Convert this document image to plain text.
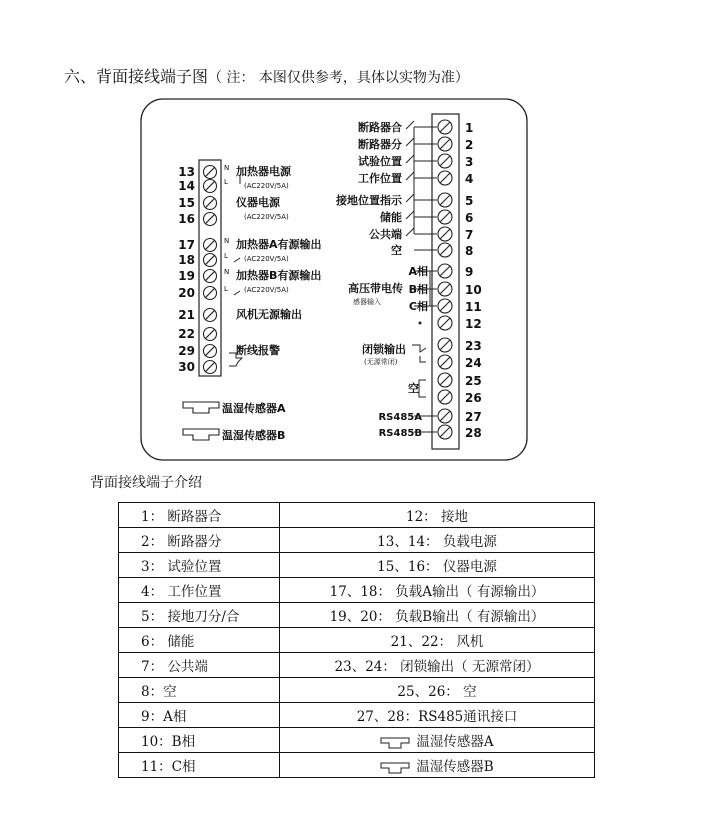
六、背面接线端子图（ 注： 本图仅供参考，具体以实物为准）
13	N 加热器电源
(AC220V/5A)
14	L
15	仪器电源
(AC220V/5A)
16
17	N 加热器A有源输出
(AC220V/5A)
18	L
19	N 加热器B有源输出
(AC220V/5A)
20	L
21	风机无源输出
22
29	断线报警
30
1
断路器合
2
断路器分
3
试验位置
4
工作位置
5
接地位置指示
6
储能
7
公共端
8
空
9
A相
10
B相
11
C相
12
23
24
25
26
27
RS485A
28
RS485B
高压带电传
感器输入
闭锁输出
(无源常闭)
空
温湿传感器A
温湿传感器B
背面接线端子介绍
1： 断路器合	12： 接地
2： 断路器分	13、14： 负载电源
3： 试验位置	15、16： 仪器电源
4： 工作位置	17、18： 负载A输出（ 有源输出）
5： 接地刀分/合	19、20： 负载B输出（ 有源输出）
6： 储能	21、22： 风机
7： 公共端	23、24： 闭锁输出（ 无源常闭）
8：空	25、26： 空
9：A相	27、28：RS485通讯接口
10：B相	温湿传感器A
11：C相	温湿传感器B
